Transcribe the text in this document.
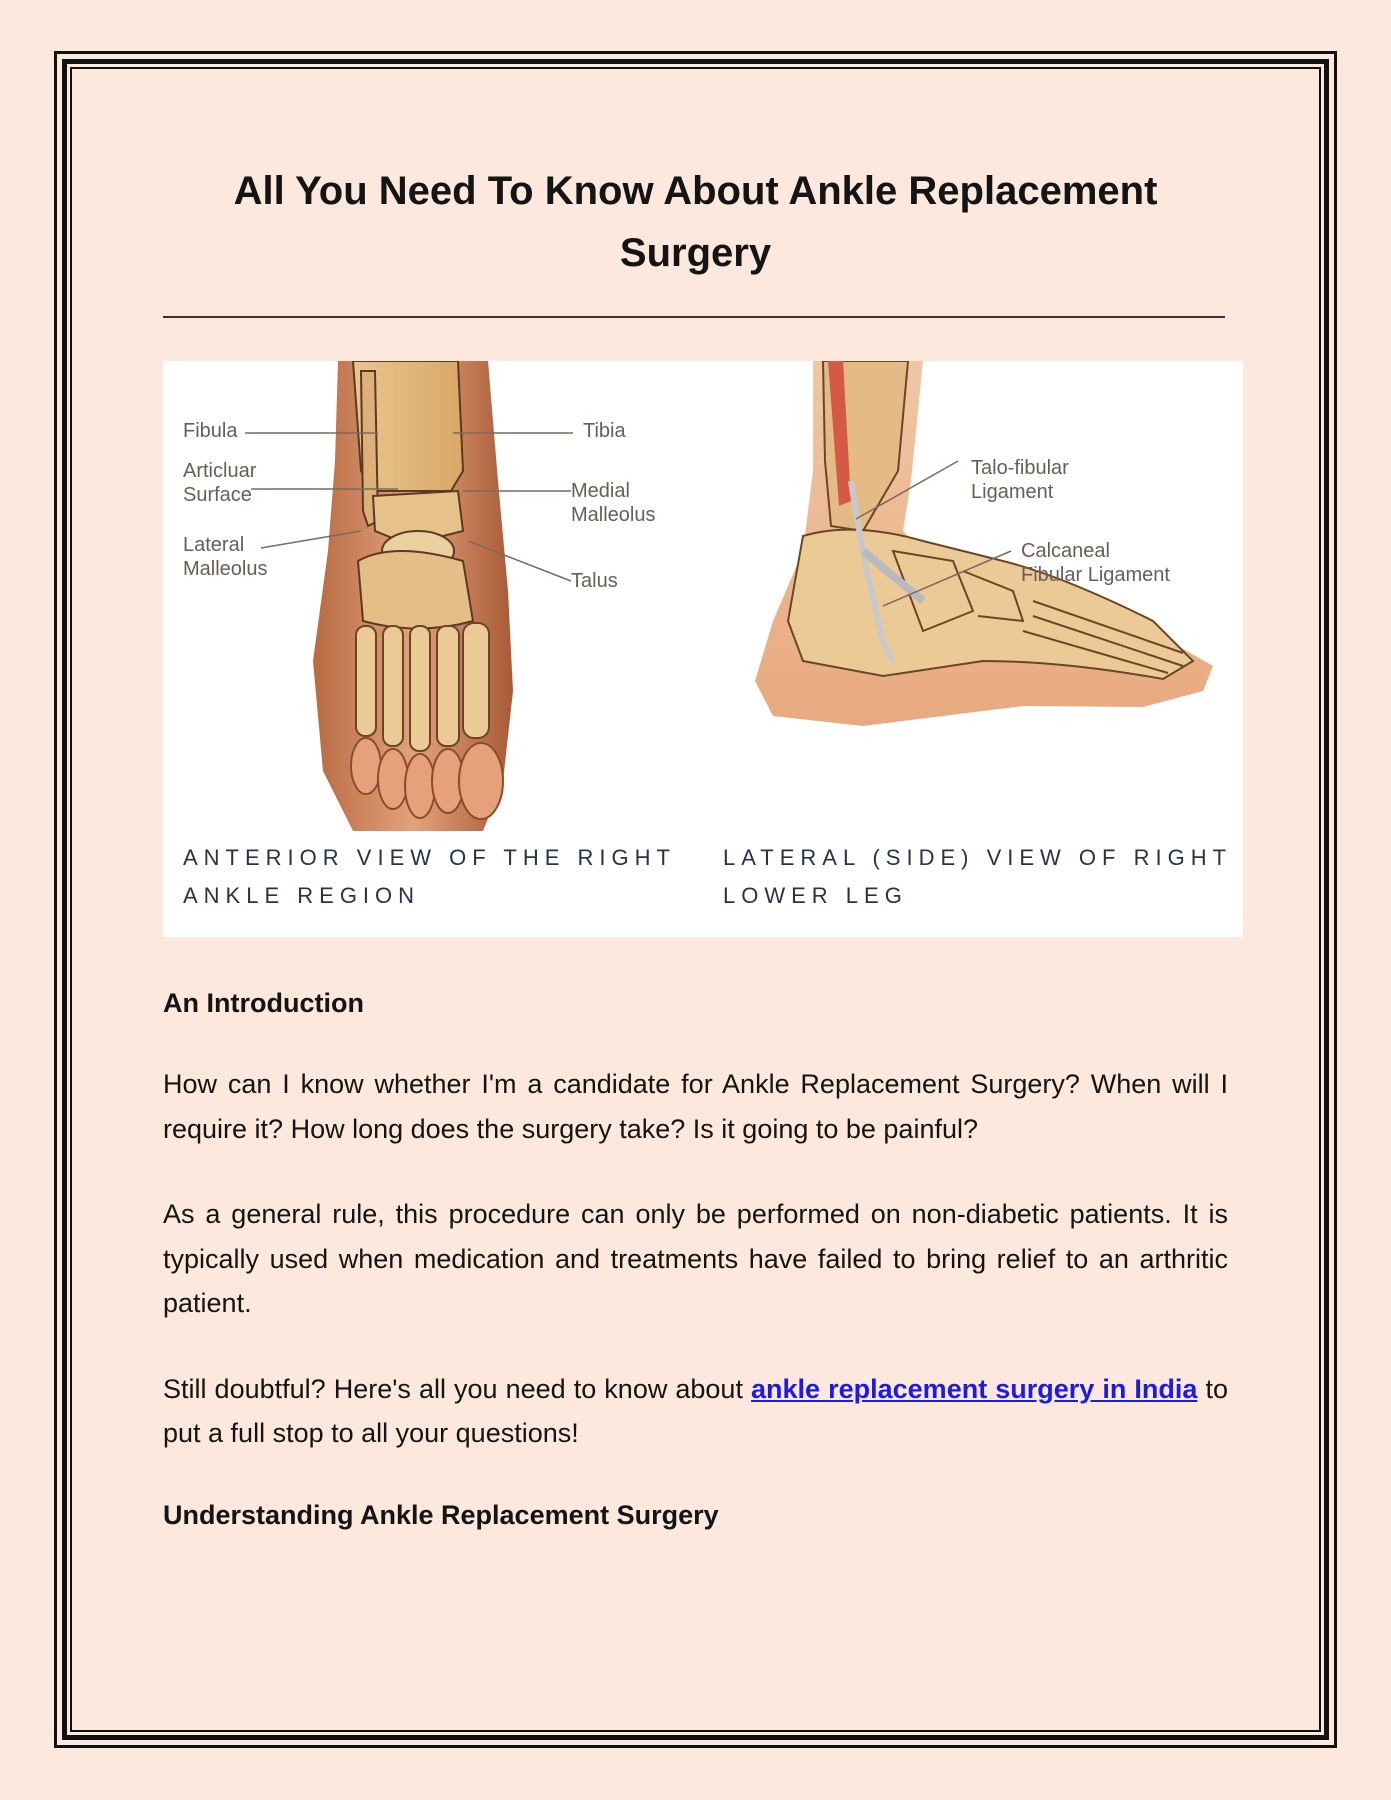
All You Need To Know About Ankle Replacement Surgery
Fibula
Articluar
Surface
Lateral
Malleolus
Tibia
Medial
Malleolus
Talus
Talo-fibular
Ligament
Calcaneal
Fibular Ligament
ANTERIOR VIEW OF THE RIGHT
ANKLE REGION
LATERAL (SIDE) VIEW OF RIGHT
LOWER LEG
An Introduction

How can I know whether I'm a candidate for Ankle Replacement Surgery? When will I require it? How long does the surgery take? Is it going to be painful?

As a general rule, this procedure can only be performed on non-diabetic patients. It is typically used when medication and treatments have failed to bring relief to an arthritic patient.

Still doubtful? Here's all you need to know about ankle replacement surgery in India to put a full stop to all your questions!

Understanding Ankle Replacement Surgery
